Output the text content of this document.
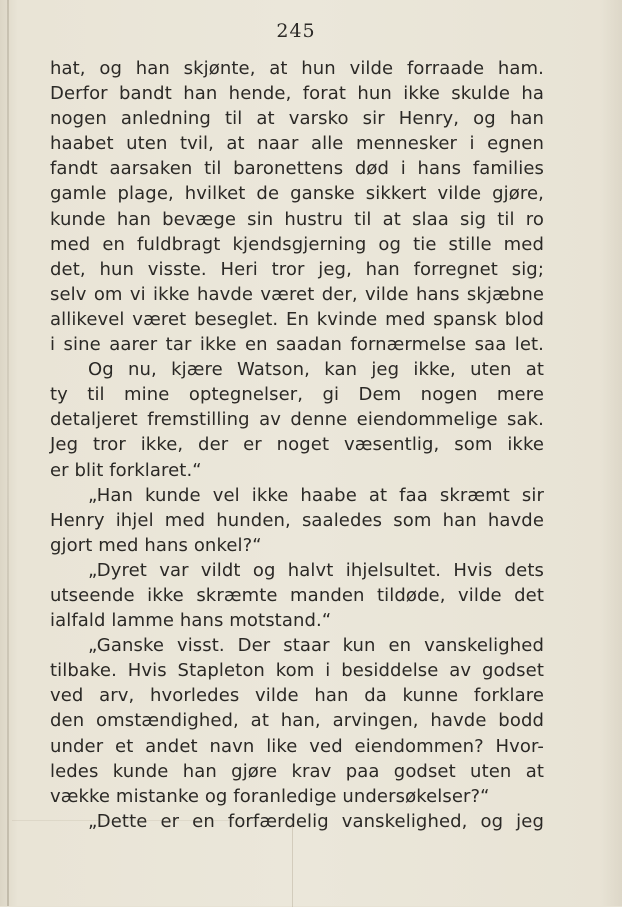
245
hat, og han skjønte, at hun vilde forraade ham.
Derfor bandt han hende, forat hun ikke skulde ha
nogen anledning til at varsko sir Henry, og han
haabet uten tvil, at naar alle mennesker i egnen
fandt aarsaken til baronettens død i hans families
gamle plage, hvilket de ganske sikkert vilde gjøre,
kunde han bevæge sin hustru til at slaa sig til ro
med en fuldbragt kjendsgjerning og tie stille med
det, hun visste. Heri tror jeg, han forregnet sig;
selv om vi ikke havde været der, vilde hans skjæbne
allikevel været beseglet. En kvinde med spansk blod
i sine aarer tar ikke en saadan fornærmelse saa let.
Og nu, kjære Watson, kan jeg ikke, uten at
ty til mine optegnelser, gi Dem nogen mere
detaljeret fremstilling av denne eiendommelige sak.
Jeg tror ikke, der er noget væsentlig, som ikke
er blit forklaret.“
„Han kunde vel ikke haabe at faa skræmt sir
Henry ihjel med hunden, saaledes som han havde
gjort med hans onkel?“
„Dyret var vildt og halvt ihjelsultet. Hvis dets
utseende ikke skræmte manden tildøde, vilde det
ialfald lamme hans motstand.“
„Ganske visst. Der staar kun en vanskelighed
tilbake. Hvis Stapleton kom i besiddelse av godset
ved arv, hvorledes vilde han da kunne forklare
den omstændighed, at han, arvingen, havde bodd
under et andet navn like ved eiendommen? Hvor-
ledes kunde han gjøre krav paa godset uten at
vække mistanke og foranledige undersøkelser?“
„Dette er en forfærdelig vanskelighed, og jeg
